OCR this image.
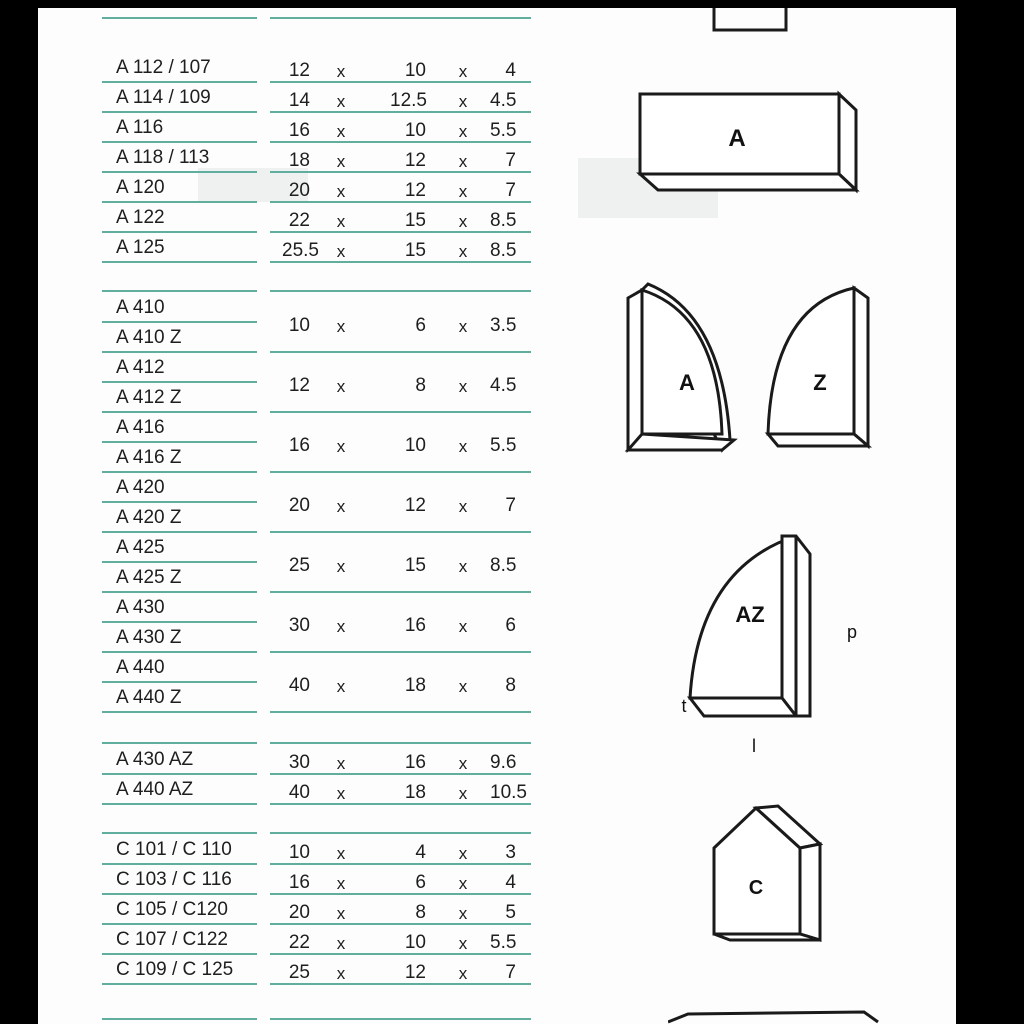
A 112 / 107	12 x	10 x	4
A 114 / 109	14 x 12.5 x 4.5
A 116	16 x	10 x 5.5
A 118 / 113	18 x	12 x	7
A 120	20 x	12 x	7
A 122	22 x	15 x 8.5
A 125	25.5 x	15 x 8.5
A 410
A 410 Z
10 x	6 x 3.5
A 412
A 412 Z
12 x	8 x 4.5
A 416
A 416 Z
16 x	10 x 5.5
A 420
A 420 Z
20 x	12 x	7
A 425
A 425 Z
25 x	15 x 8.5
A 430
A 430 Z
30 x	16 x	6
A 440
A 440 Z
40 x	18 x	8
A 430 AZ	30 x	16 x 9.6
A 440 AZ	40 x	18 x 10.5
C 101 / C 110	10 x	4 x	3
C 103 / C 116	16 x	6 x	4
C 105 / C120	20 x	8 x	5
C 107 / C122	22 x	10 x 5.5
C 109 / C 125	25 x	12 x	7
A
A	Z
AZ
p
t
l
C
